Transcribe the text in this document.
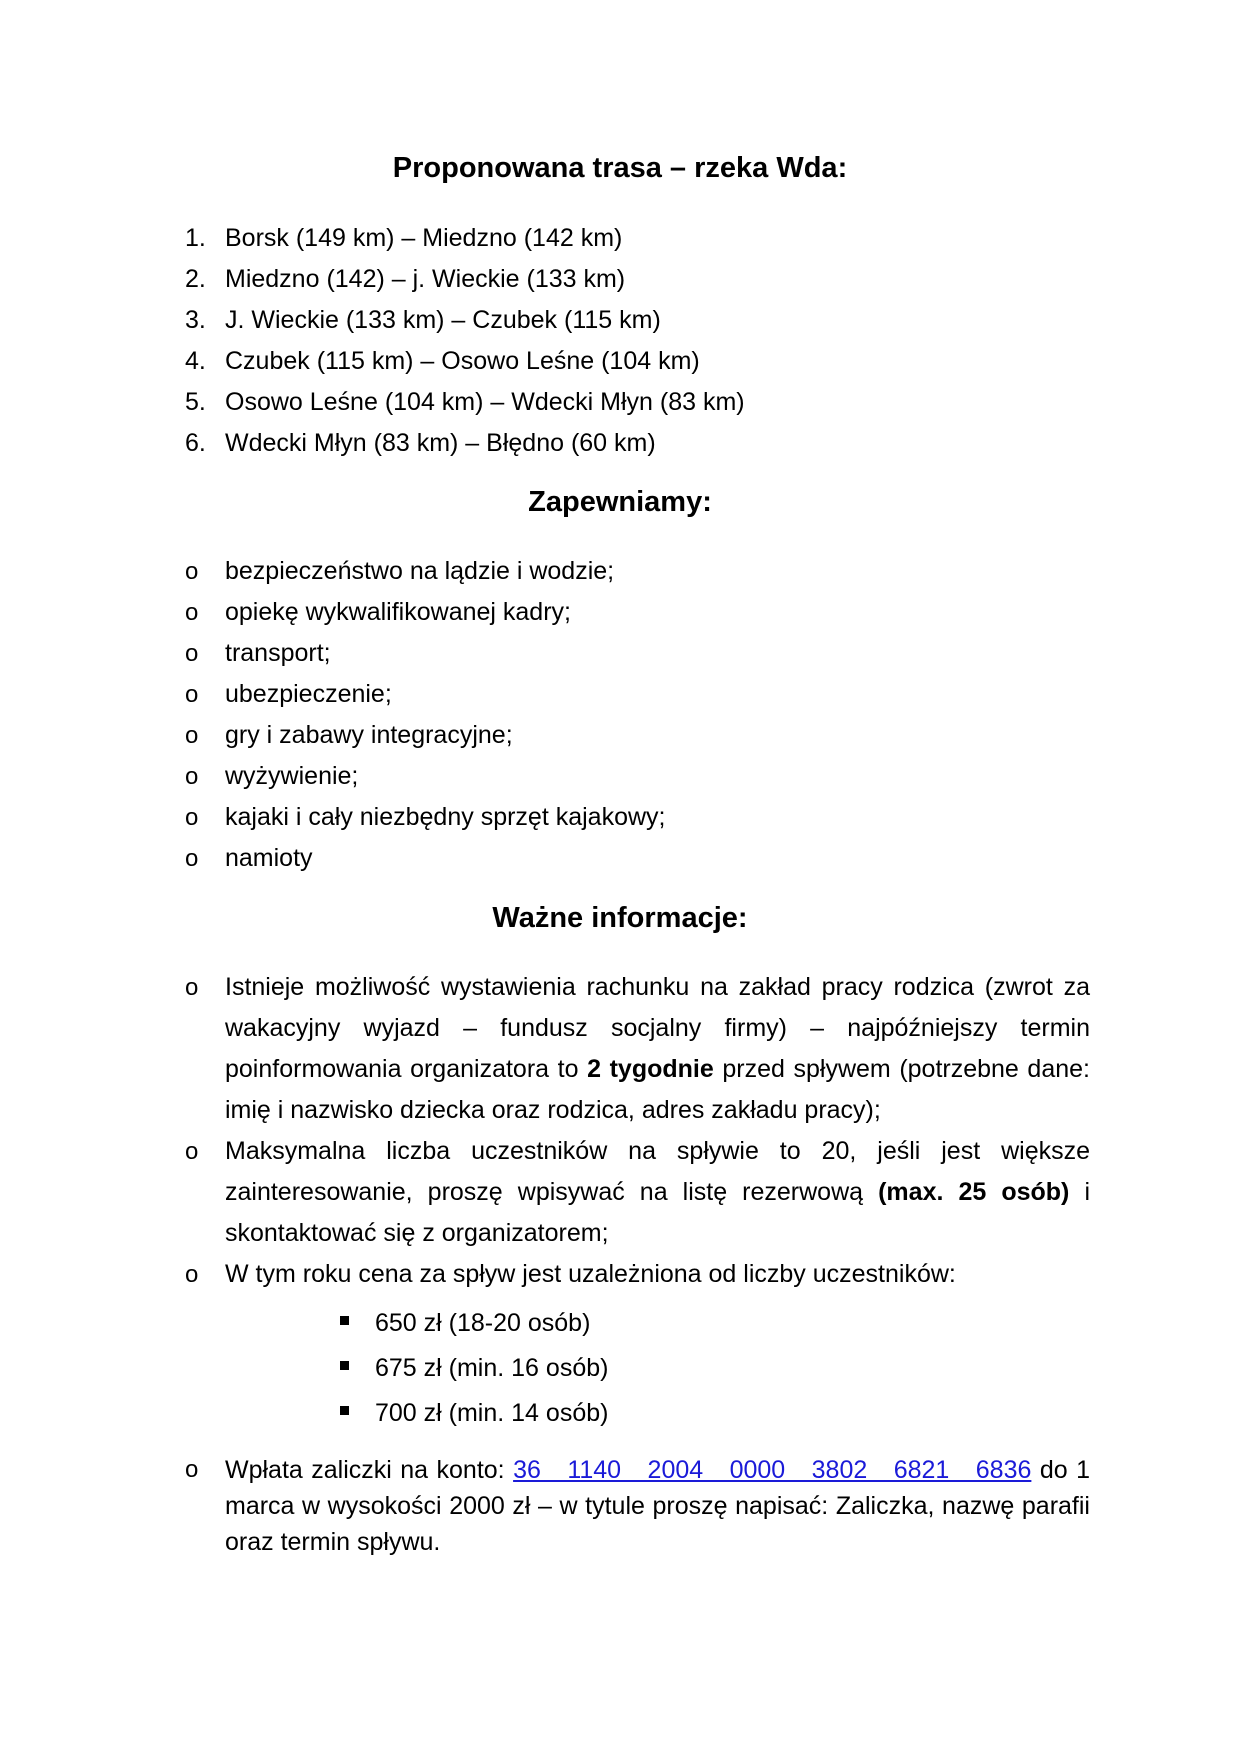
Proponowana trasa – rzeka Wda:
1. Borsk (149 km) – Miedzno (142 km)
2. Miedzno (142) – j. Wieckie (133 km)
3. J. Wieckie (133 km) – Czubek (115 km)
4. Czubek (115 km) – Osowo Leśne (104 km)
5. Osowo Leśne (104 km) – Wdecki Młyn (83 km)
6. Wdecki Młyn (83 km) – Błędno (60 km)
Zapewniamy:
o bezpieczeństwo na lądzie i wodzie;
o opiekę wykwalifikowanej kadry;
o transport;
o ubezpieczenie;
o gry i zabawy integracyjne;
o wyżywienie;
o kajaki i cały niezbędny sprzęt kajakowy;
o namioty
Ważne informacje:
o Istnieje możliwość wystawienia rachunku na zakład pracy rodzica (zwrot za wakacyjny wyjazd – fundusz socjalny firmy) – najpóźniejszy termin poinformowania organizatora to 2 tygodnie przed spływem (potrzebne dane: imię i nazwisko dziecka oraz rodzica, adres zakładu pracy);

o Maksymalna liczba uczestników na spływie to 20, jeśli jest większe zainteresowanie, proszę wpisywać na listę rezerwową (max. 25 osób) i skontaktować się z organizatorem;

o W tym roku cena za spływ jest uzależniona od liczby uczestników:

650 zł (18-20 osób)
675 zł (min. 16 osób)
700 zł (min. 14 osób)
o Wpłata zaliczki na konto: 36 1140 2004 0000 3802 6821 6836 do 1 marca w wysokości 2000 zł – w tytule proszę napisać: Zaliczka, nazwę parafii oraz termin spływu.
